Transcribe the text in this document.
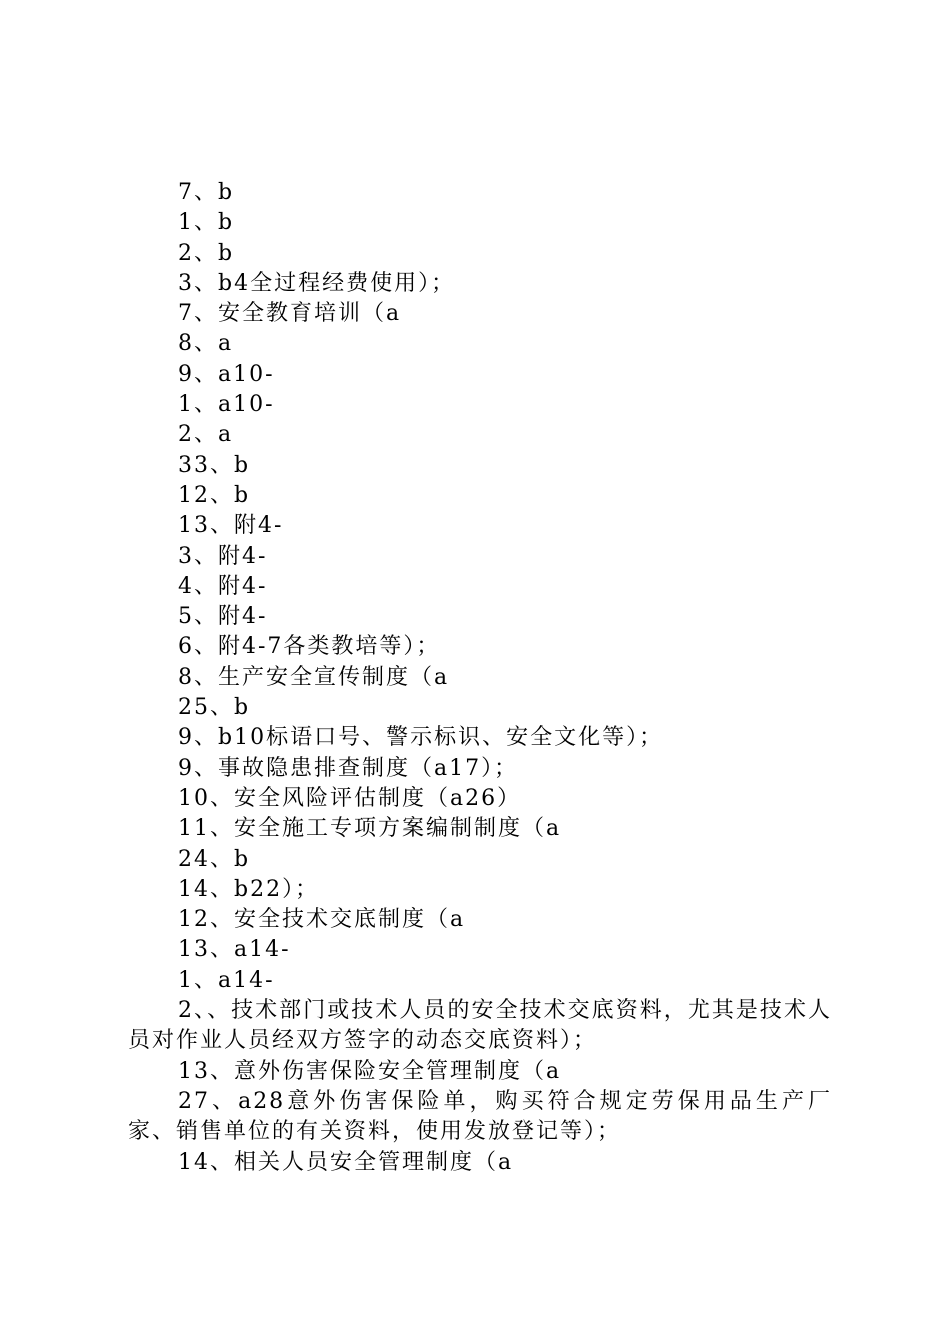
7、b
1、b
2、b
3、b4全过程经费使用）；
7、安全教育培训（a
8、a
9、a10-
1、a10-
2、a
33、b
12、b
13、附4-
3、附4-
4、附4-
5、附4-
6、附4-7各类教培等）；
8、生产安全宣传制度（a
25、b
9、b10标语口号、警示标识、安全文化等）；
9、事故隐患排查制度（a17）；
10、安全风险评估制度（a26）
11、安全施工专项方案编制制度（a
24、b
14、b22）；
12、安全技术交底制度（a
13、a14-
1、a14-
2、、技术部门或技术人员的安全技术交底资料，尤其是技术人员对作业人员经双方签字的动态交底资料）；
13、意外伤害保险安全管理制度（a
27、a28意外伤害保险单，购买符合规定劳保用品生产厂家、销售单位的有关资料，使用发放登记等）；
14、相关人员安全管理制度（a
